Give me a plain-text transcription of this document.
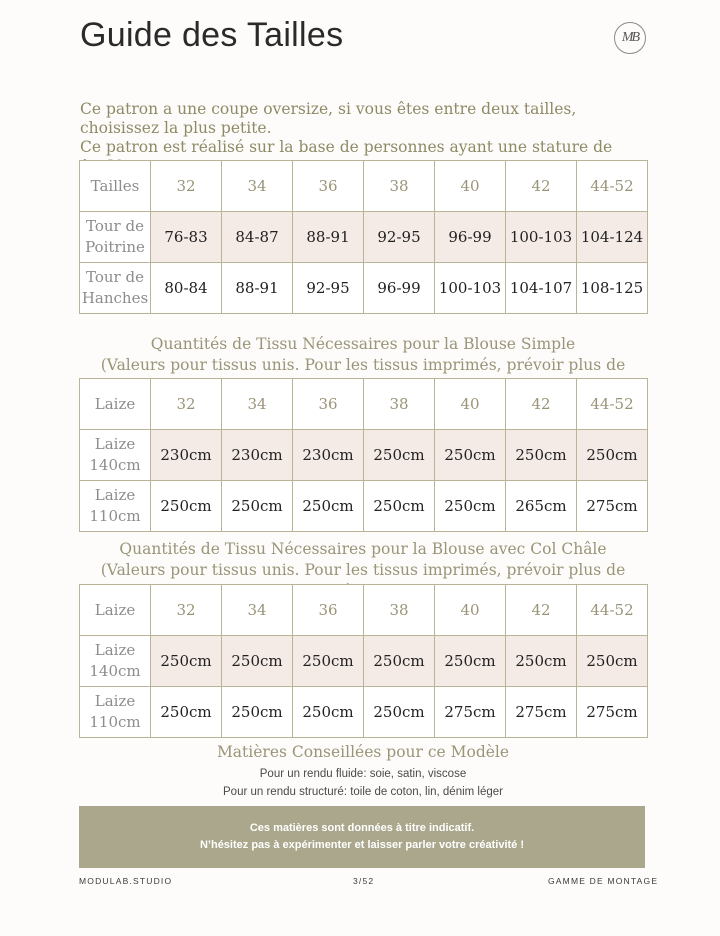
Guide des Tailles	MB

Ce patron a une coupe oversize, si vous êtes entre deux tailles, choisissez la plus petite.

Ce patron est réalisé sur la base de personnes ayant une stature de

Tailles	32	34	36	38	40	42	44-52
Tour de Poitrine	76-83	84-87	88-91	92-95	96-99	100-103	104-124
Tour de Hanches	80-84	88-91	92-95	96-99	100-103	104-107	108-125
Quantités de Tissu Nécessaires pour la Blouse Simple
(Valeurs pour tissus unis. Pour les tissus imprimés, prévoir plus de
Laize	32	34	36	38	40	42	44-52
Laize 140cm	230cm	230cm	230cm	250cm	250cm	250cm	250cm
Laize 110cm	250cm	250cm	250cm	250cm	250cm	265cm	275cm
Quantités de Tissu Nécessaires pour la Blouse avec Col Châle
(Valeurs pour tissus unis. Pour les tissus imprimés, prévoir plus de
Laize	32	34	36	38	40	42	44-52
Laize 140cm	250cm	250cm	250cm	250cm	250cm	250cm	250cm
Laize 110cm	250cm	250cm	250cm	250cm	275cm	275cm	275cm
Matières Conseillées pour ce Modèle
Pour un rendu fluide: soie, satin, viscose
Pour un rendu structuré: toile de coton, lin, dénim léger
Ces matières sont données à titre indicatif.
N’hésitez pas à expérimenter et laisser parler votre créativité !
MODULAB.STUDIO	3/52	GAMME DE MONTAGE
